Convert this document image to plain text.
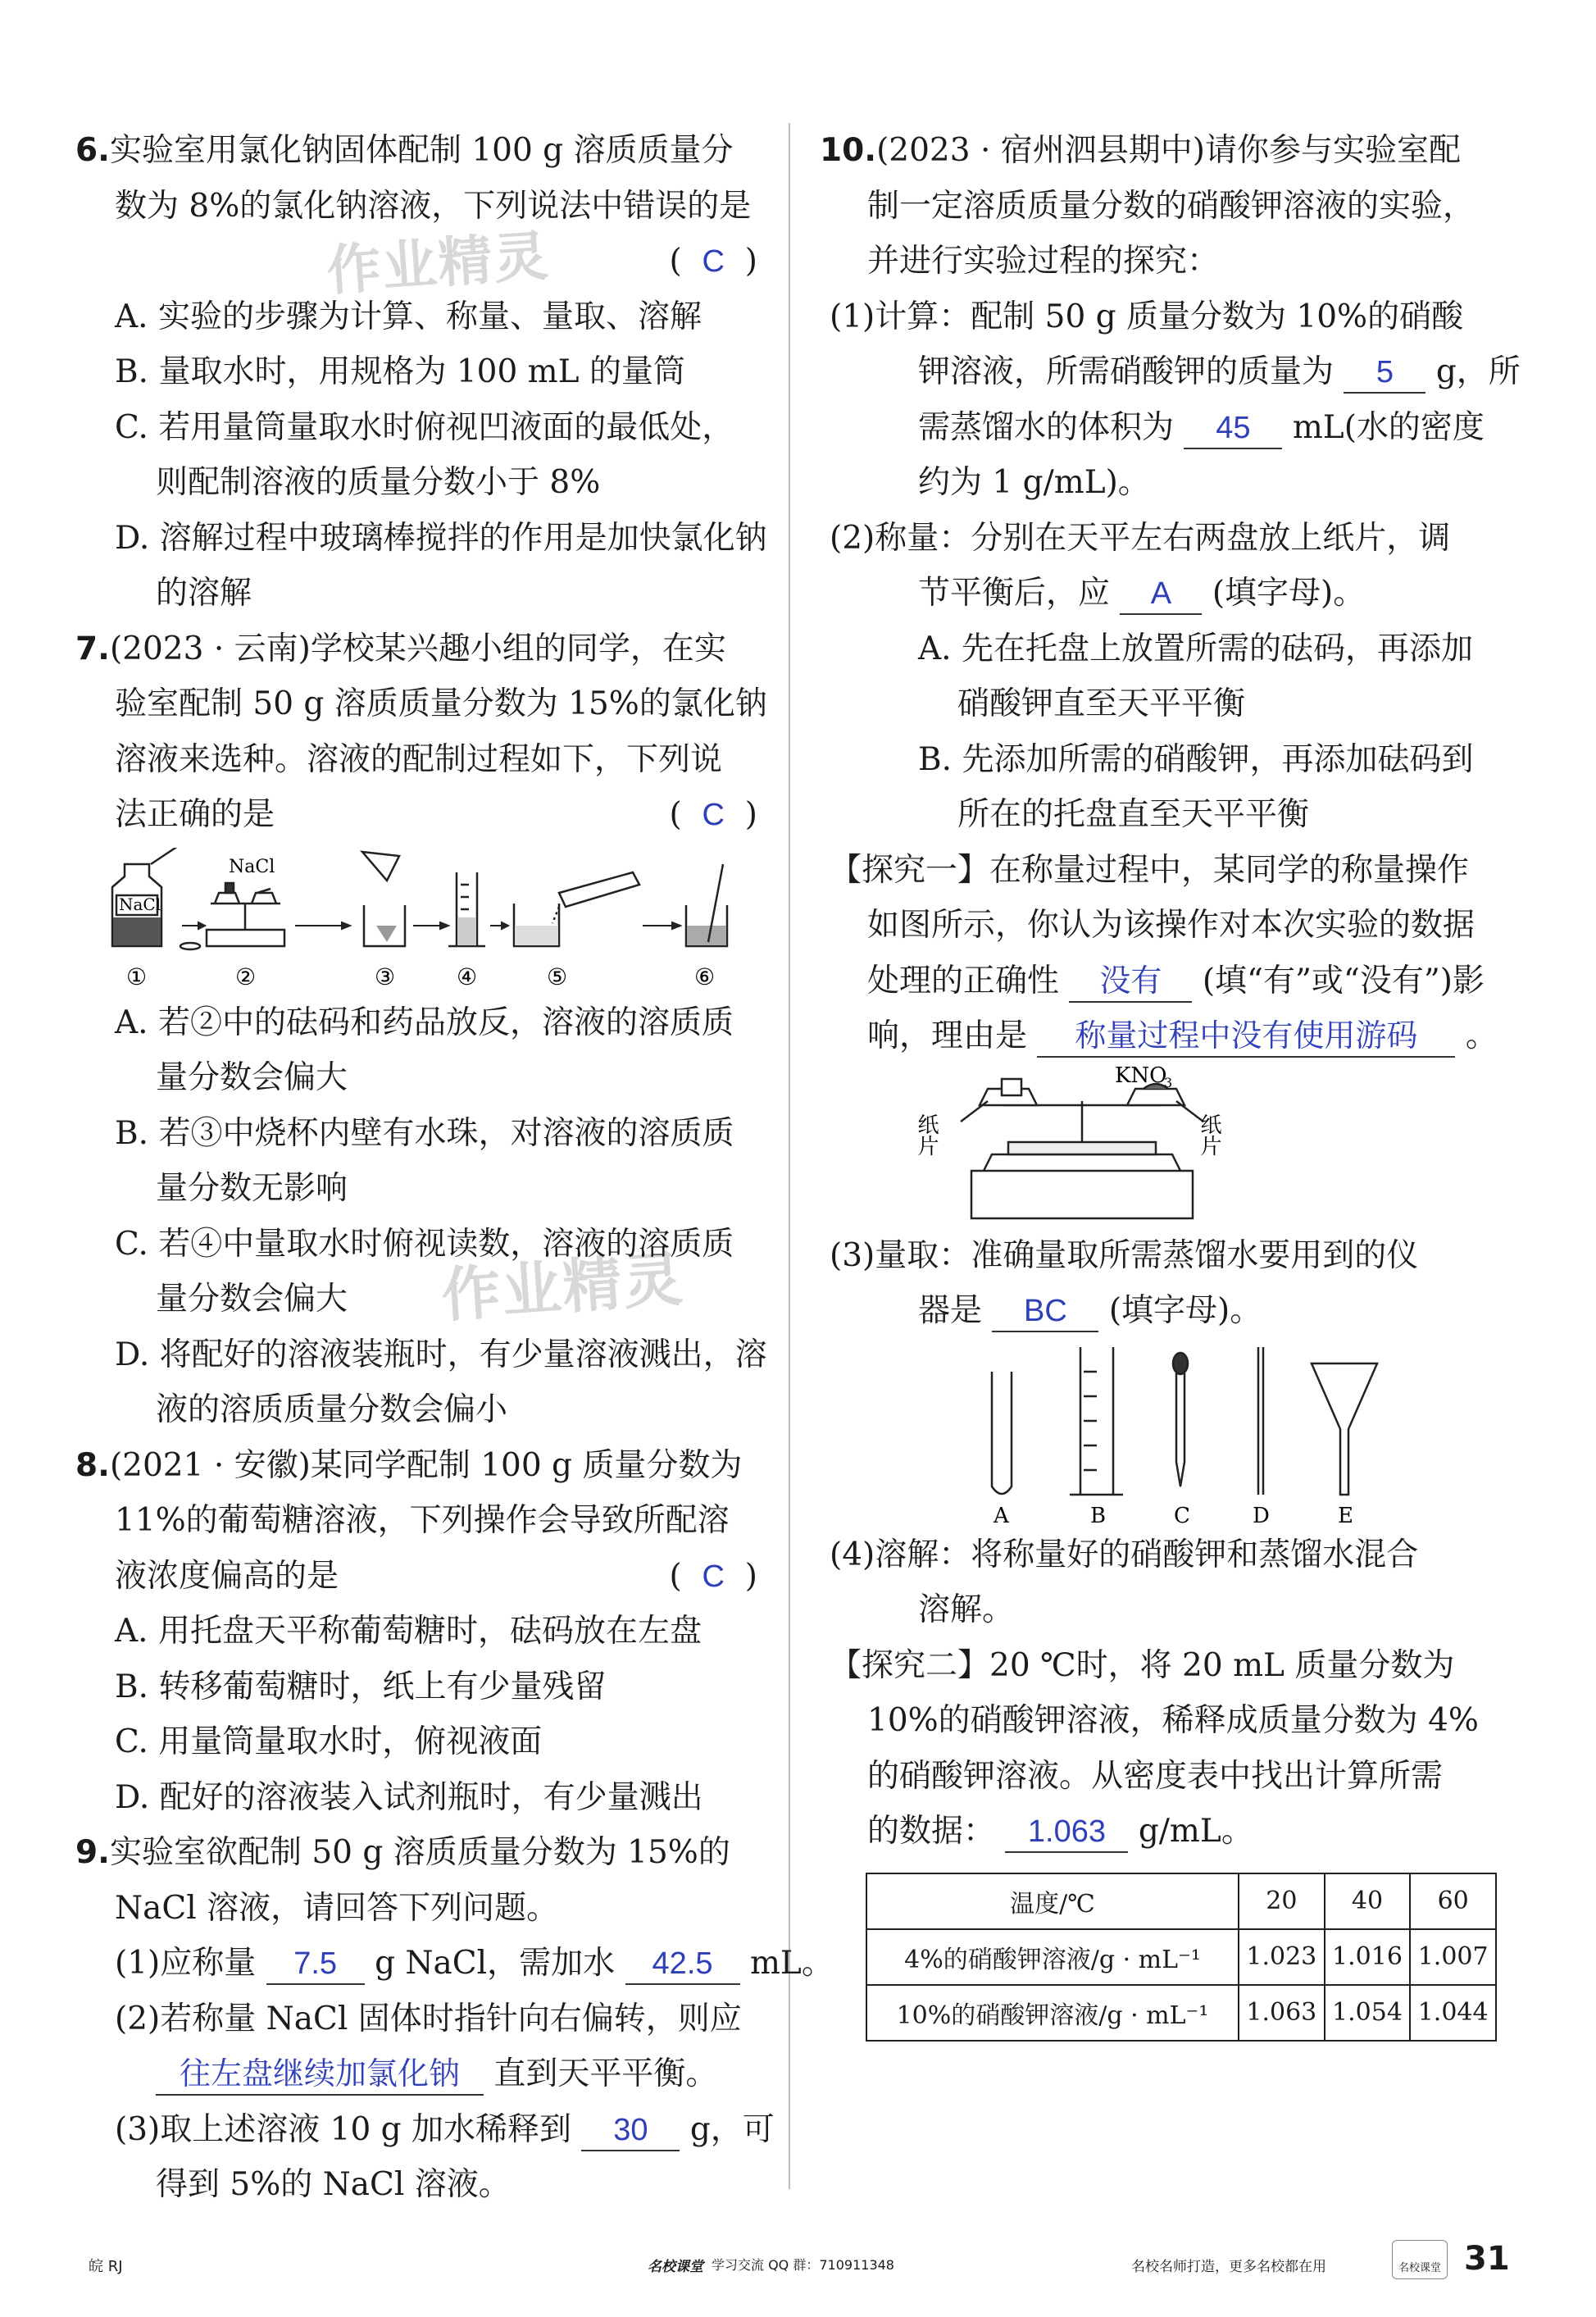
作业精灵
作业精灵
6.实验室用氯化钠固体配制 100 g 溶质质量分
数为 8%的氯化钠溶液，下列说法中错误的是
(  C  )
A. 实验的步骤为计算、称量、量取、溶解
B. 量取水时，用规格为 100 mL 的量筒
C. 若用量筒量取水时俯视凹液面的最低处，
则配制溶液的质量分数小于 8%
D. 溶解过程中玻璃棒搅拌的作用是加快氯化钠
的溶解
7.(2023 · 云南)学校某兴趣小组的同学，在实
验室配制 50 g 溶质质量分数为 15%的氯化钠
溶液来选种。溶液的配制过程如下，下列说
法正确的是	(  C  )
NaCl
NaCl
①	②	③	④	⑤	⑥
A. 若②中的砝码和药品放反，溶液的溶质质
量分数会偏大
B. 若③中烧杯内壁有水珠，对溶液的溶质质
量分数无影响
C. 若④中量取水时俯视读数，溶液的溶质质
量分数会偏大
D. 将配好的溶液装瓶时，有少量溶液溅出，溶
液的溶质质量分数会偏小
8.(2021 · 安徽)某同学配制 100 g 质量分数为
11%的葡萄糖溶液，下列操作会导致所配溶
液浓度偏高的是	(  C  )
A. 用托盘天平称葡萄糖时，砝码放在左盘
B. 转移葡萄糖时，纸上有少量残留
C. 用量筒量取水时，俯视液面
D. 配好的溶液装入试剂瓶时，有少量溅出
9.实验室欲配制 50 g 溶质质量分数为 15%的
NaCl 溶液，请回答下列问题。
(1)应称量 7.5 g NaCl，需加水 42.5 mL。
(2)若称量 NaCl 固体时指针向右偏转，则应
往左盘继续加氯化钠 直到天平平衡。
(3)取上述溶液 10 g 加水稀释到 30 g，可
得到 5%的 NaCl 溶液。
10.(2023 · 宿州泗县期中)请你参与实验室配
制一定溶质质量分数的硝酸钾溶液的实验，
并进行实验过程的探究：
(1)计算：配制 50 g 质量分数为 10%的硝酸
钾溶液，所需硝酸钾的质量为 5 g，所
需蒸馏水的体积为 45 mL(水的密度
约为 1 g/mL)。
(2)称量：分别在天平左右两盘放上纸片，调
节平衡后，应 A (填字母)。
A. 先在托盘上放置所需的砝码，再添加
硝酸钾直至天平平衡
B. 先添加所需的硝酸钾，再添加砝码到
所在的托盘直至天平平衡
【探究一】在称量过程中，某同学的称量操作
如图所示，你认为该操作对本次实验的数据
处理的正确性 没有 (填“有”或“没有”)影
响，理由是 称量过程中没有使用游码 。
KNO
3
纸片	纸片
(3)量取：准确量取所需蒸馏水要用到的仪
器是 BC (填字母)。
A	B	C	D	E
(4)溶解：将称量好的硝酸钾和蒸馏水混合
溶解。
【探究二】20 ℃时，将 20 mL 质量分数为
10%的硝酸钾溶液，稀释成质量分数为 4%
的硝酸钾溶液。从密度表中找出计算所需
的数据： 1.063 g/mL。
温度/℃	20	40	60
4%的硝酸钾溶液/g · mL⁻¹	1.023	1.016	1.007
10%的硝酸钾溶液/g · mL⁻¹	1.063	1.054	1.044
皖 RJ	名校课堂 学习交流 QQ 群：710911348	名校名师打造，更多名校都在用	名校课堂 31
